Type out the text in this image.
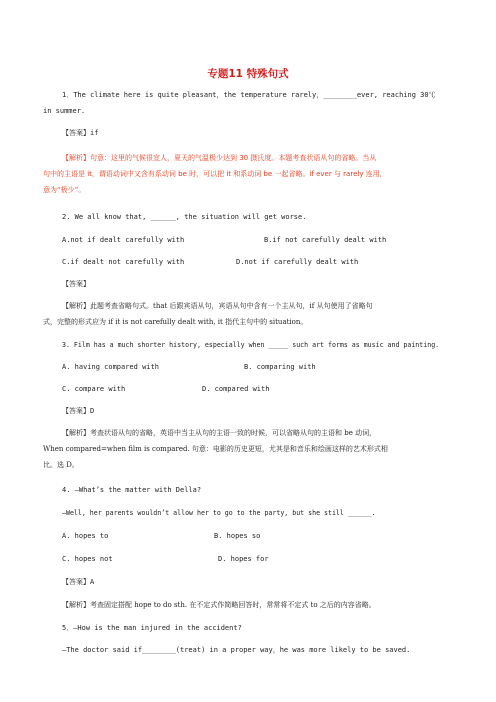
专题11 特殊句式
1．The climate here is quite pleasant，the temperature rarely，________ever, reaching 30℃
in summer.
【答案】if
【解析】句意：这里的气候很宜人，夏天的气温极少达到 30 摄氏度。本题考查状语从句的省略。当从
句中的主语是 it，谓语动词中又含有系动词 be 时，可以把 it 和系动词 be 一起省略。if ever 与 rarely 连用，
意为“极少”。
2. We all know that, ______, the situation will get worse.
A.not if dealt carefully with	B.if not carefully dealt with
C.if dealt not carefully with	D.not if carefully dealt with
【答案】
【解析】此题考查省略句式。that 后跟宾语从句，宾语从句中含有一个主从句，if 从句使用了省略句
式，完整的形式应为 if it is not carefully dealt with, it 指代主句中的 situation。
3. Film has a much shorter history, especially when _____ such art forms as music and painting.
A. having compared with	B. comparing with
C. compare with	D. compared with
【答案】D
【解析】考查状语从句的省略，英语中当主从句的主语一致的时候，可以省略从句的主语和 be 动词，
When compared=when film is compared. 句意：电影的历史更短，尤其是和音乐和绘画这样的艺术形式相
比。选 D。
4. —What’s the matter with Della?
—Well, her parents wouldn’t allow her to go to the party, but she still ______.
A. hopes to	B. hopes so
C. hopes not	D. hopes for
【答案】A
【解析】考查固定搭配 hope to do sth. 在不定式作简略回答时，常常将不定式 to 之后的内容省略。
5．—How is the man injured in the accident?
—The doctor said if________(treat) in a proper way，he was more likely to be saved.
